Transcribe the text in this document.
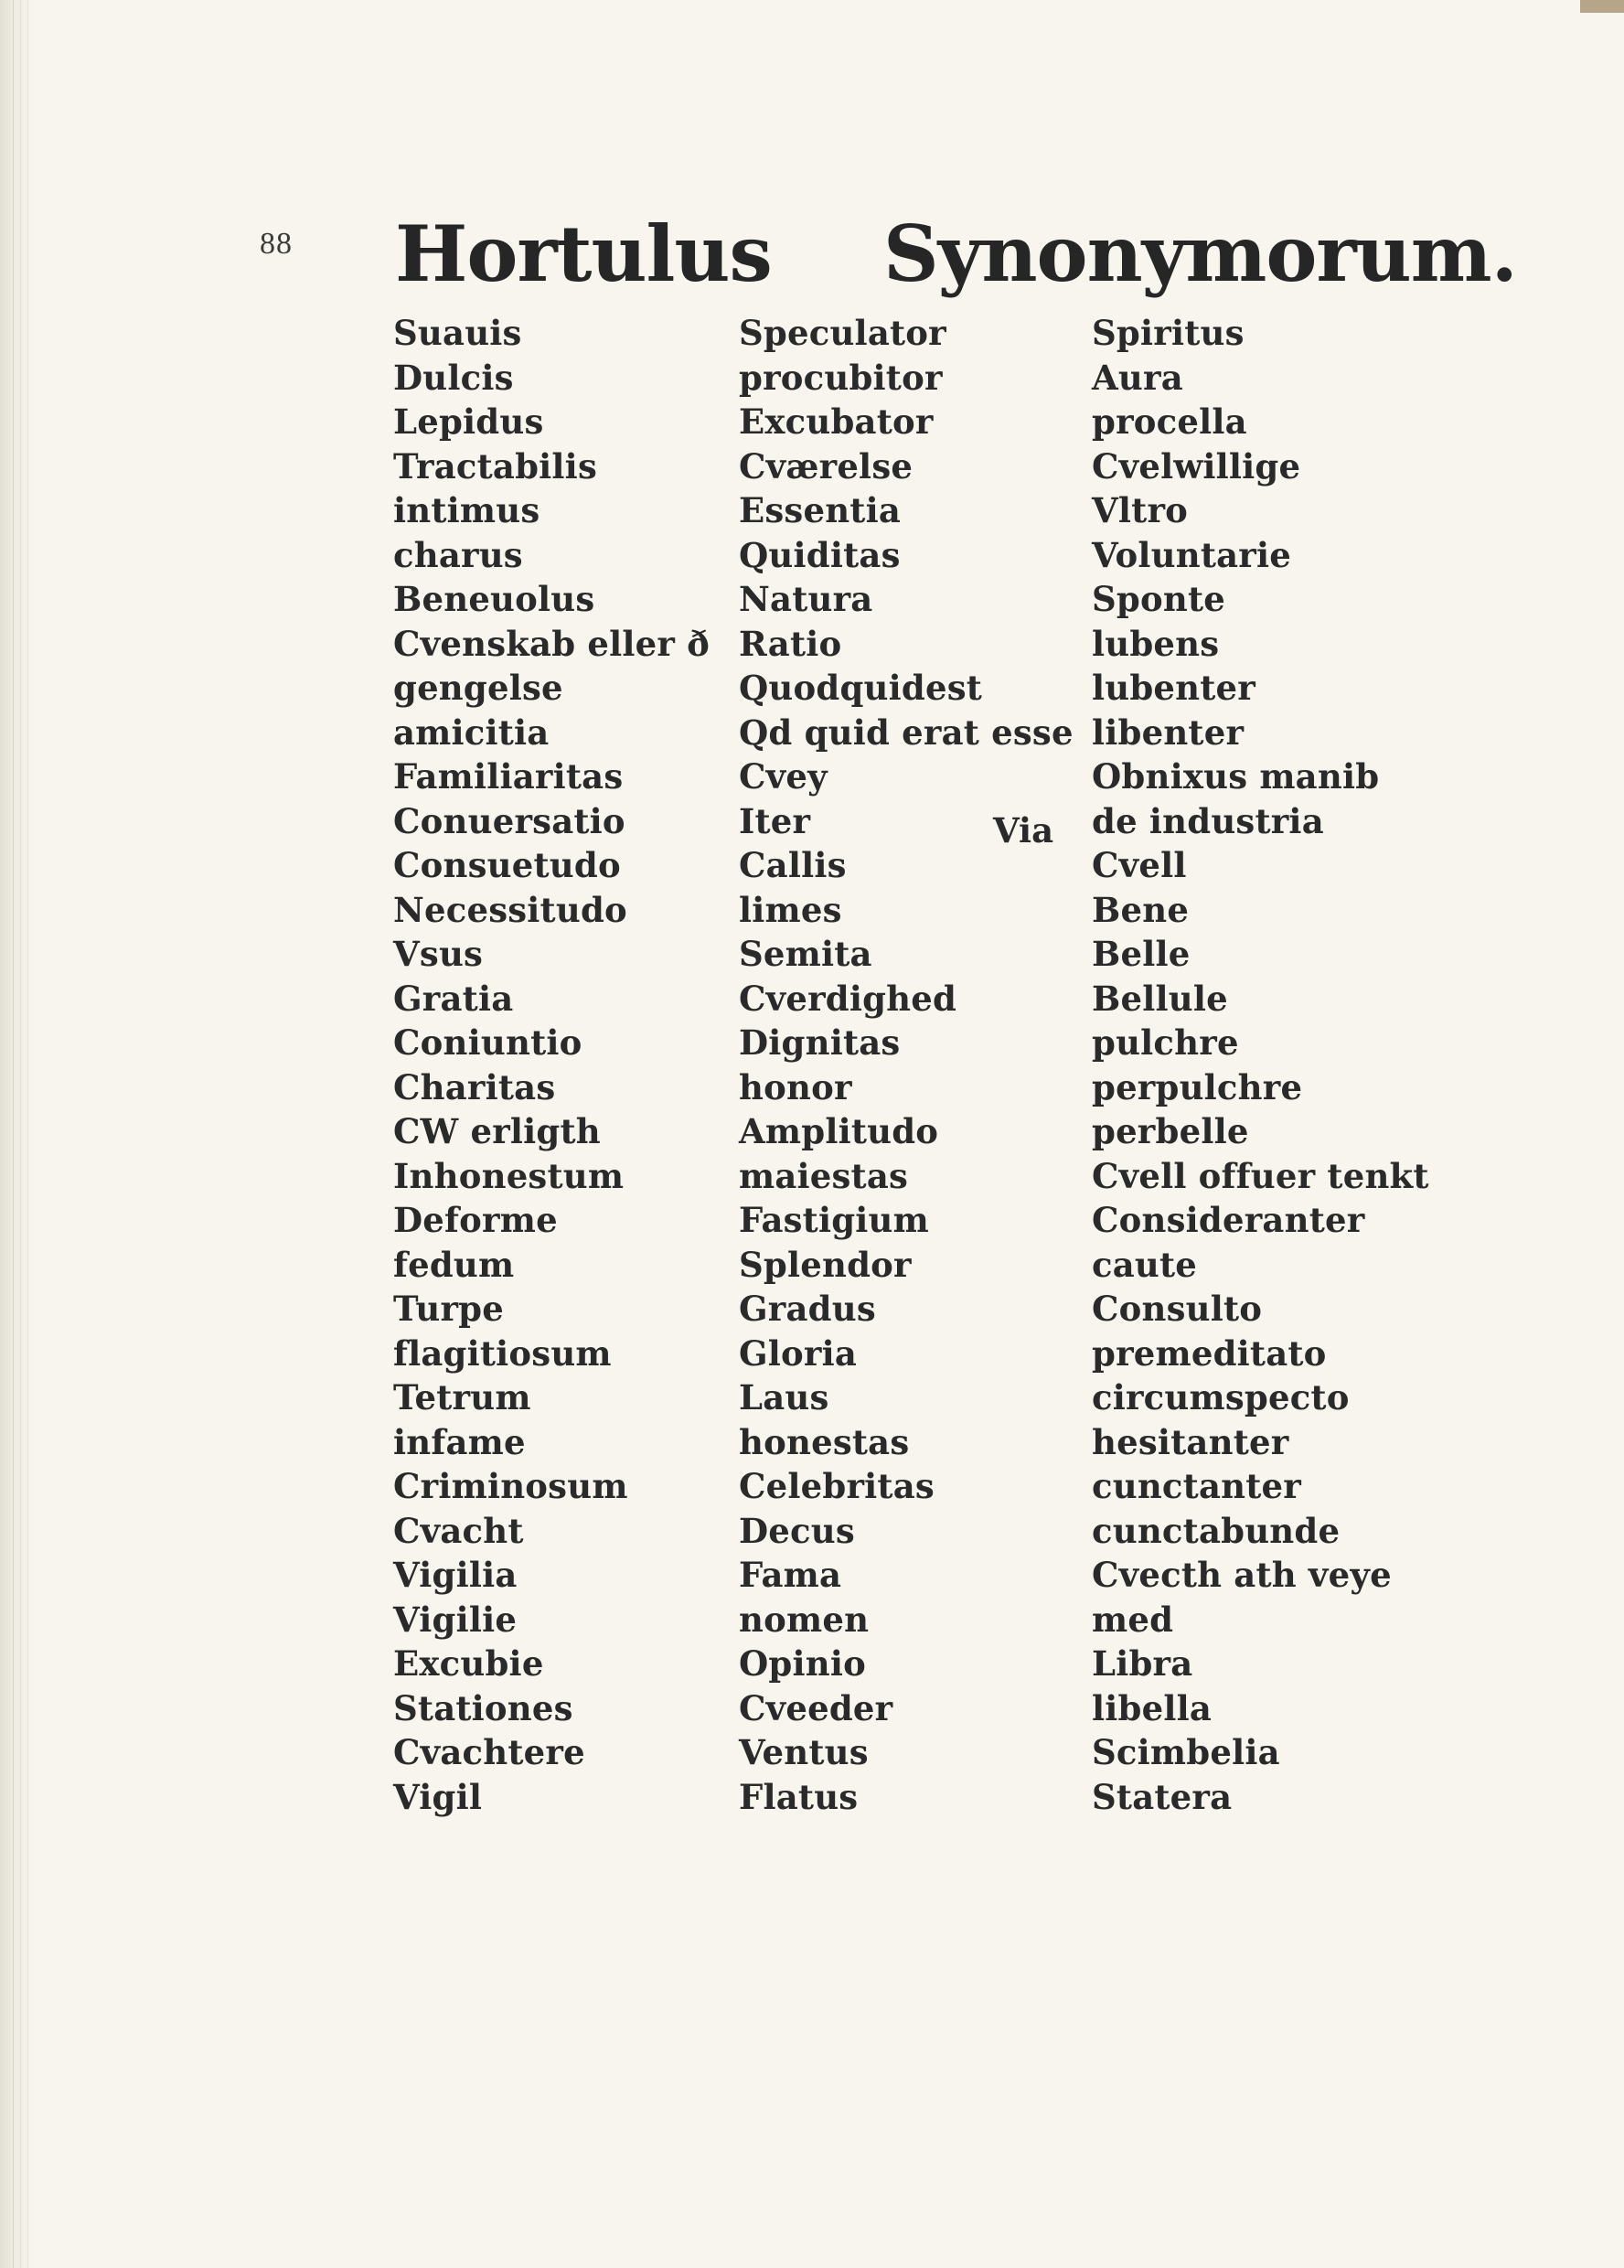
88 Hortulus Synonymorum.
Suauis
Dulcis
Lepidus
Tractabilis
intimus
charus
Beneuolus
Cvenskab eller ð
gengelse
amicitia
Familiaritas
Conuersatio
Consuetudo
Necessitudo
Vsus
Gratia
Coniuntio
Charitas
CW erligth
Inhonestum
Deforme
fedum
Turpe
flagitiosum
Tetrum
infame
Criminosum
Cvacht
Vigilia
Vigilie
Excubie
Stationes
Cvachtere
Vigil
Speculator
procubitor
Excubator
Cværelse
Essentia
Quiditas
Natura
Ratio
Quodquidest
Qd quid erat esse
Cvey
Iter
Callis
limes
Semita
Cverdighed
Dignitas
honor
Amplitudo
maiestas
Fastigium
Splendor
Gradus
Gloria
Laus
honestas
Celebritas
Decus
Fama
nomen
Opinio
Cveeder
Ventus
Flatus
Spiritus
Aura
procella
Cvelwillige
Vltro
Voluntarie
Sponte
lubens
lubenter
libenter
Obnixus manib
de industria
Cvell
Bene
Belle
Bellule
pulchre
perpulchre
perbelle
Cvell offuer tenkt
Consideranter
caute
Consulto
premeditato
circumspecto
hesitanter
cunctanter
cunctabunde
Cvecth ath veye
med
Libra
libella
Scimbelia
Statera
Via
